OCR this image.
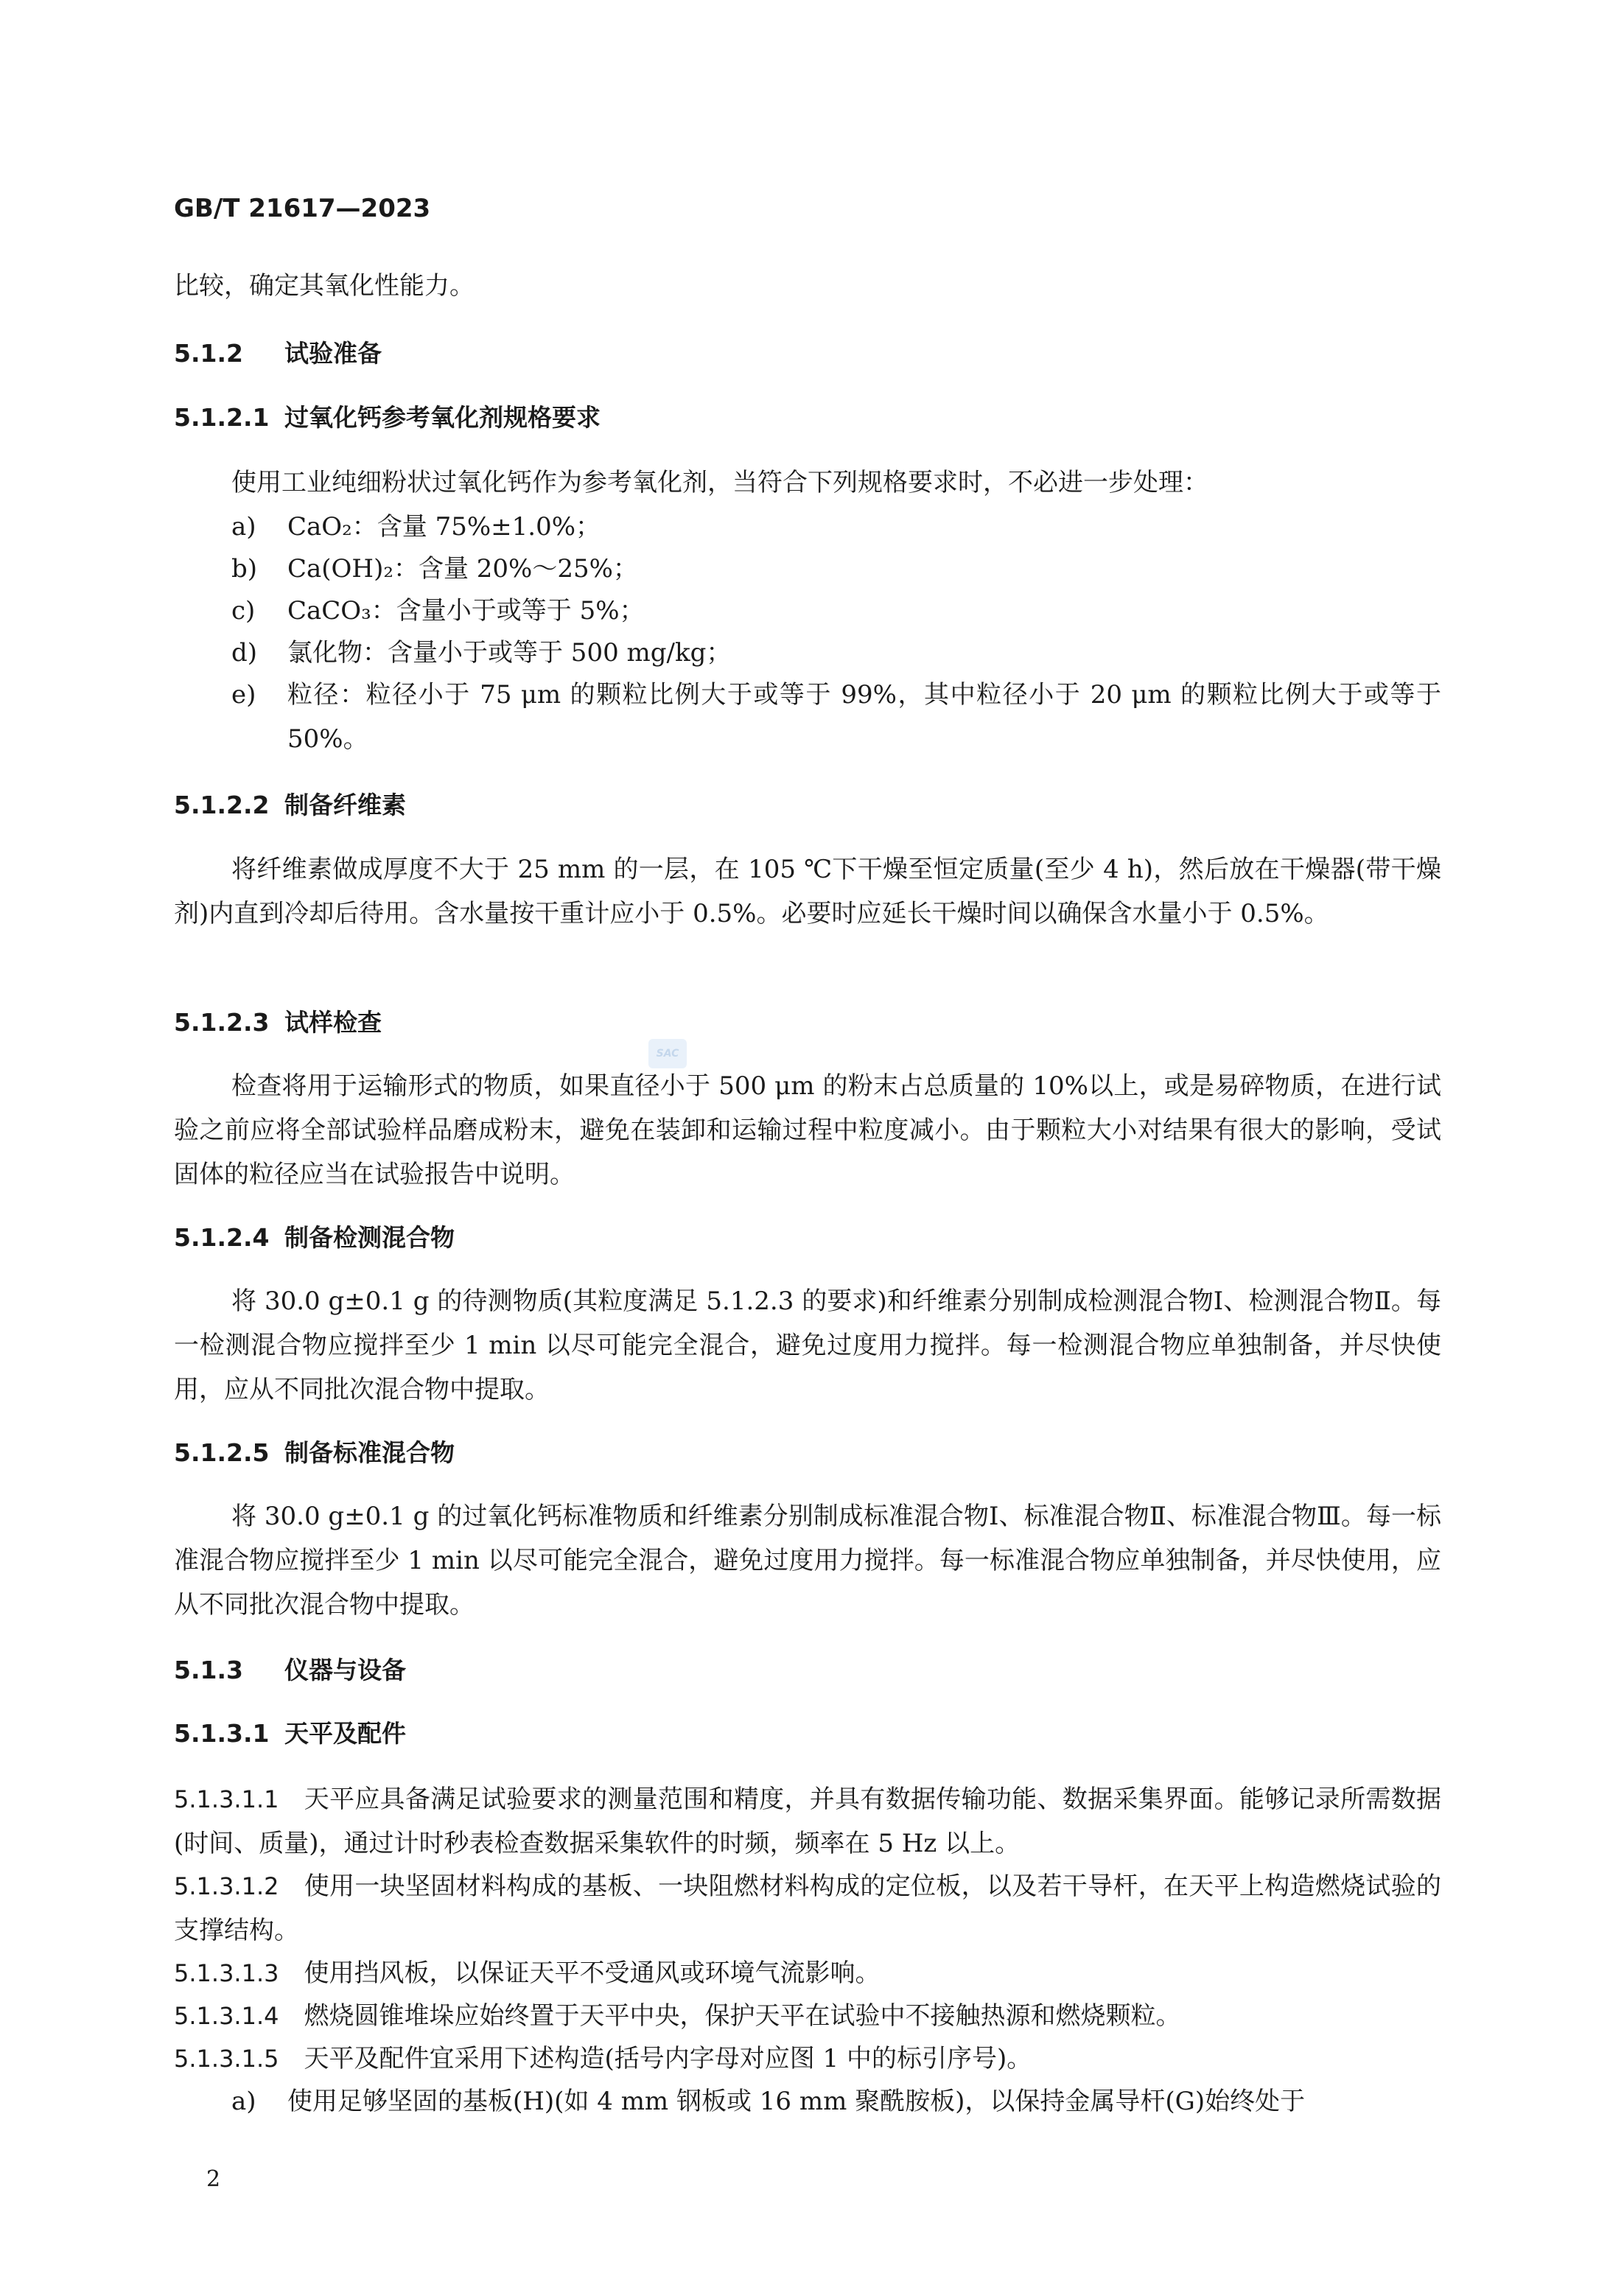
GB/T 21617—2023
比较，确定其氧化性能力。
5.1.2 试验准备
5.1.2.1 过氧化钙参考氧化剂规格要求
使用工业纯细粉状过氧化钙作为参考氧化剂，当符合下列规格要求时，不必进一步处理：
a)	CaO₂：含量 75%±1.0%；
b)	Ca(OH)₂：含量 20%～25%；
c)	CaCO₃：含量小于或等于 5%；
d)	氯化物：含量小于或等于 500 mg/kg；
e)	粒径：粒径小于 75 μm 的颗粒比例大于或等于 99%，其中粒径小于 20 μm 的颗粒比例大于或等于 50%。
5.1.2.2 制备纤维素
将纤维素做成厚度不大于 25 mm 的一层，在 105 ℃下干燥至恒定质量(至少 4 h)，然后放在干燥器(带干燥剂)内直到冷却后待用。含水量按干重计应小于 0.5%。必要时应延长干燥时间以确保含水量小于 0.5%。
5.1.2.3 试样检查
检查将用于运输形式的物质，如果直径小于 500 μm 的粉末占总质量的 10%以上，或是易碎物质，在进行试验之前应将全部试验样品磨成粉末，避免在装卸和运输过程中粒度减小。由于颗粒大小对结果有很大的影响，受试固体的粒径应当在试验报告中说明。
5.1.2.4 制备检测混合物
将 30.0 g±0.1 g 的待测物质(其粒度满足 5.1.2.3 的要求)和纤维素分别制成检测混合物Ⅰ、检测混合物Ⅱ。每一检测混合物应搅拌至少 1 min 以尽可能完全混合，避免过度用力搅拌。每一检测混合物应单独制备，并尽快使用，应从不同批次混合物中提取。
5.1.2.5 制备标准混合物
将 30.0 g±0.1 g 的过氧化钙标准物质和纤维素分别制成标准混合物Ⅰ、标准混合物Ⅱ、标准混合物Ⅲ。每一标准混合物应搅拌至少 1 min 以尽可能完全混合，避免过度用力搅拌。每一标准混合物应单独制备，并尽快使用，应从不同批次混合物中提取。
5.1.3 仪器与设备
5.1.3.1 天平及配件
5.1.3.1.1 天平应具备满足试验要求的测量范围和精度，并具有数据传输功能、数据采集界面。能够记录所需数据(时间、质量)，通过计时秒表检查数据采集软件的时频，频率在 5 Hz 以上。
5.1.3.1.2 使用一块坚固材料构成的基板、一块阻燃材料构成的定位板，以及若干导杆，在天平上构造燃烧试验的支撑结构。
5.1.3.1.3 使用挡风板，以保证天平不受通风或环境气流影响。
5.1.3.1.4 燃烧圆锥堆垛应始终置于天平中央，保护天平在试验中不接触热源和燃烧颗粒。
5.1.3.1.5 天平及配件宜采用下述构造(括号内字母对应图 1 中的标引序号)。
a)	使用足够坚固的基板(H)(如 4 mm 钢板或 16 mm 聚酰胺板)，以保持金属导杆(G)始终处于
SAC
2
